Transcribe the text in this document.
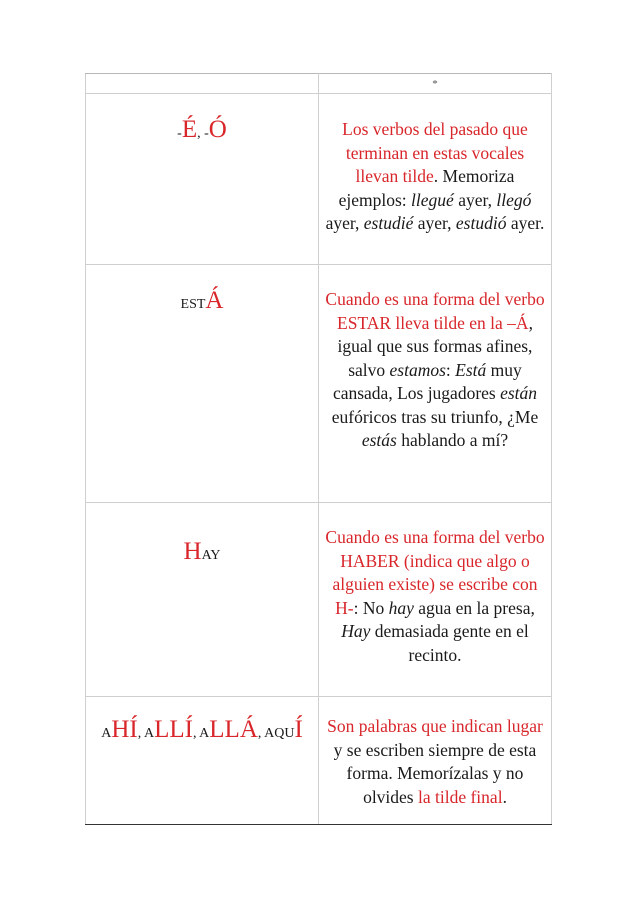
	*

-É, -Ó	Los verbos del pasado que terminan en estas vocales llevan tilde. Memoriza ejemplos: llegué ayer, llegó ayer, estudié ayer, estudió ayer.

ESTÁ	Cuando es una forma del verbo ESTAR lleva tilde en la –Á, igual que sus formas afines, salvo estamos: Está muy cansada, Los jugadores están eufóricos tras su triunfo, ¿Me estás hablando a mí?

HAY	Cuando es una forma del verbo HABER (indica que algo o alguien existe) se escribe con H-: No hay agua en la presa, Hay demasiada gente en el recinto.

AHÍ, ALLÍ, ALLÁ, AQUÍ	Son palabras que indican lugar y se escriben siempre de esta forma. Memorízalas y no olvides la tilde final.
